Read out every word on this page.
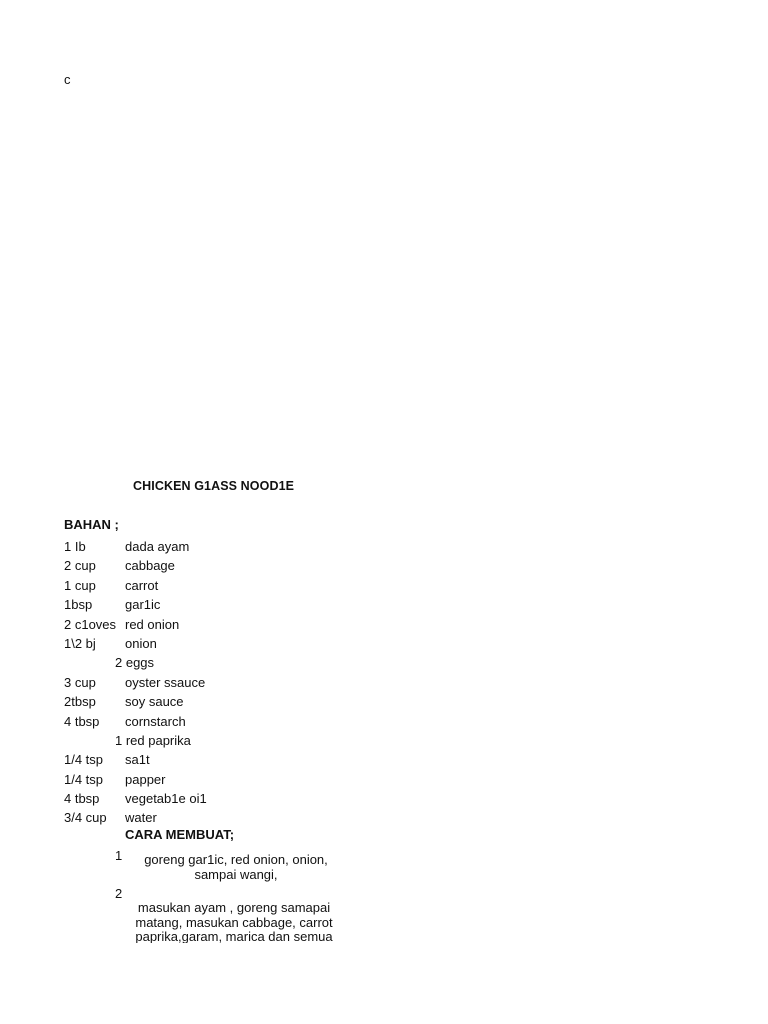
c
CHICKEN G1ASS NOOD1E
BAHAN ;
1 Ib	dada ayam
2 cup cabbage
1 cup carrot
1bsp	gar1ic
2 c1oves red onion
1\2 bj onion
2 eggs
3 cup oyster ssauce
2tbsp soy sauce
4 tbsp cornstarch
1 red paprika
1/4 tsp sa1t
1/4 tsp papper
4 tbsp vegetab1e oi1
3/4 cup water
CARA MEMBUAT;
1	goreng gar1ic, red onion, onion,
sampai wangi,
2
masukan ayam , goreng samapai
matang, masukan cabbage, carrot
paprika,garam, marica dan semua
